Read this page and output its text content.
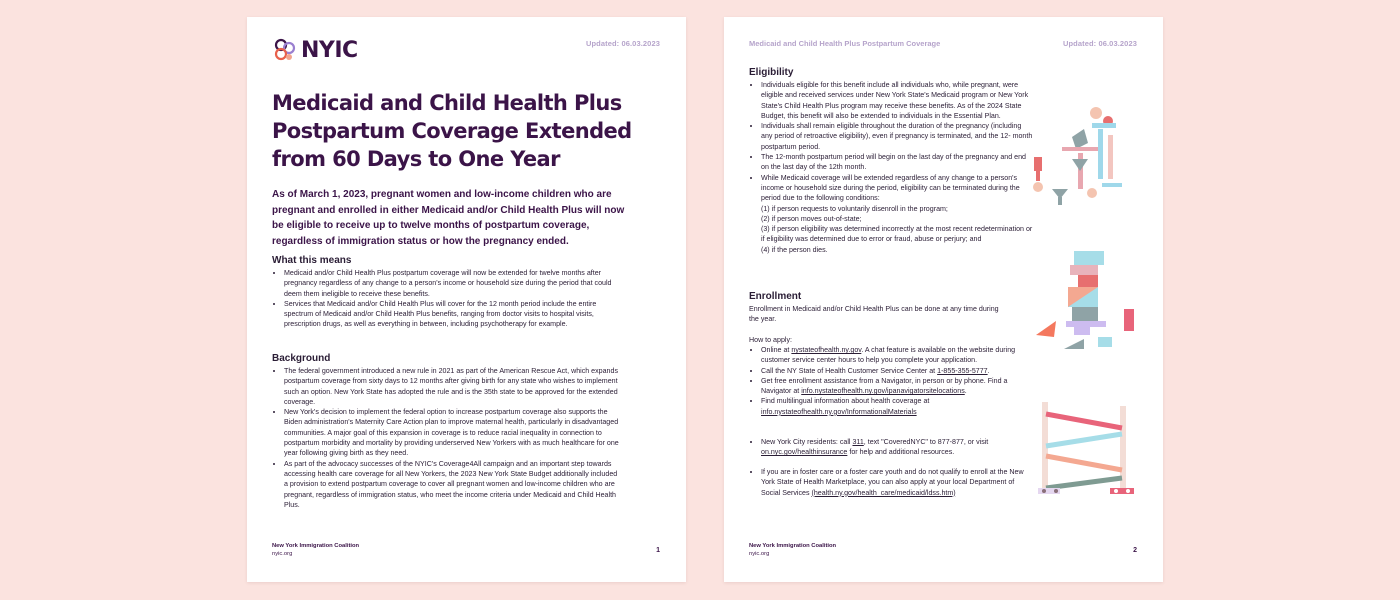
NYIC	Updated: 06.03.2023
Medicaid and Child Health Plus Postpartum Coverage Extended from 60 Days to One Year

As of March 1, 2023, pregnant women and low-income children who are pregnant and enrolled in either Medicaid and/or Child Health Plus will now be eligible to receive up to twelve months of postpartum coverage, regardless of immigration status or how the pregnancy ended.

What this means
• Medicaid and/or Child Health Plus postpartum coverage will now be extended for twelve months after pregnancy regardless of any change to a person's income or household size during the period that could deem them ineligible to receive these benefits.
• Services that Medicaid and/or Child Health Plus will cover for the 12 month period include the entire spectrum of Medicaid and/or Child Health Plus benefits, ranging from doctor visits to hospital visits, prescription drugs, as well as everything in between, including psychotherapy for example.
Background
• The federal government introduced a new rule in 2021 as part of the American Rescue Act, which expands postpartum coverage from sixty days to 12 months after giving birth for any state who wishes to implement such an option. New York State has adopted the rule and is the 35th state to be approved for the extended coverage.
• New York's decision to implement the federal option to increase postpartum coverage also supports the Biden administration's Maternity Care Action plan to improve maternal health, particularly in disadvantaged communities. A major goal of this expansion in coverage is to reduce racial inequality in connection to postpartum morbidity and mortality by providing underserved New Yorkers with as much healthcare for one year following giving birth as they need.
• As part of the advocacy successes of the NYIC's Coverage4All campaign and an important step towards accessing health care coverage for all New Yorkers, the 2023 New York State Budget additionally included a provision to extend postpartum coverage to cover all pregnant women and low-income children who are pregnant, regardless of immigration status, who meet the income criteria under Medicaid and Child Health Plus.
New York Immigration Coalition
nyic.org	1
Medicaid and Child Health Plus Postpartum Coverage	Updated: 06.03.2023
Eligibility
• Individuals eligible for this benefit include all individuals who, while pregnant, were eligible and received services under New York State's Medicaid program or New York State's Child Health Plus program may receive these benefits. As of the 2024 State Budget, this benefit will also be extended to individuals in the Essential Plan.
• Individuals shall remain eligible throughout the duration of the pregnancy (including any period of retroactive eligibility), even if pregnancy is terminated, and the 12- month postpartum period.
• The 12-month postpartum period will begin on the last day of the pregnancy and end on the last day of the 12th month.
• While Medicaid coverage will be extended regardless of any change to a person's income or household size during the period, eligibility can be terminated during the period due to the following conditions:
(1) if person requests to voluntarily disenroll in the program;
(2) if person moves out-of-state;
(3) if person eligibility was determined incorrectly at the most recent redetermination or if eligibility was determined due to error or fraud, abuse or perjury; and
(4) if the person dies.
Enrollment

Enrollment in Medicaid and/or Child Health Plus can be done at any time during the year.

How to apply:

• Online at nystateofhealth.ny.gov. A chat feature is available on the website during customer service center hours to help you complete your application.
• Call the NY State of Health Customer Service Center at 1-855-355-5777.
• Get free enrollment assistance from a Navigator, in person or by phone. Find a Navigator at info.nystateofhealth.ny.gov/ipanavigatorsitelocations.
• Find multilingual information about health coverage at info.nystateofhealth.ny.gov/InformationalMaterials
• New York City residents: call 311, text "CoveredNYC" to 877-877, or visit on.nyc.gov/healthinsurance for help and additional resources.
• If you are in foster care or a foster care youth and do not qualify to enroll at the New York State of Health Marketplace, you can also apply at your local Department of Social Services (health.ny.gov/health_care/medicaid/ldss.htm)
New York Immigration Coalition
nyic.org	2
